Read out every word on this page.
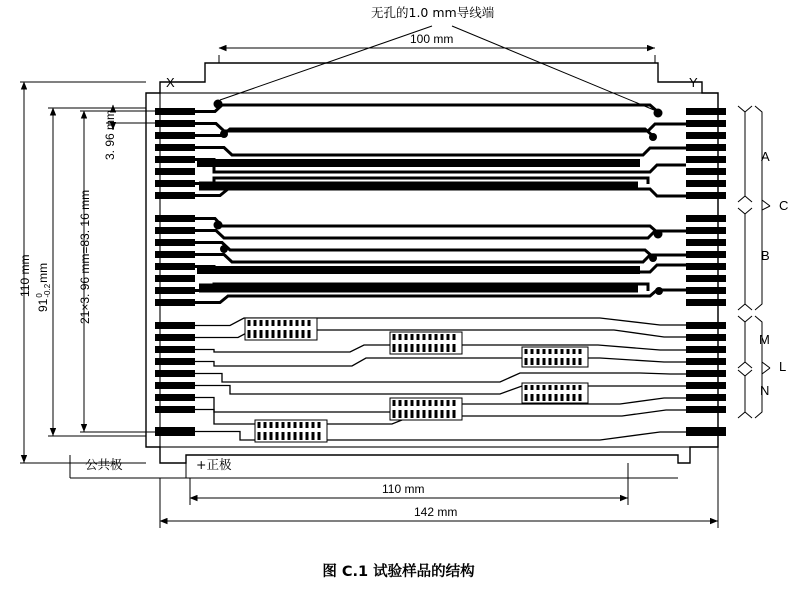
无孔的1.0 mm导线端
100 mm
X	Y
110 mm
91
0 -0.2
mm 21×3. 96 mm=83. 16 mm
3. 96 mm	A
B
C
M
N
L
公共极	+正极
110 mm
142 mm
图 C.1 试验样品的结构
